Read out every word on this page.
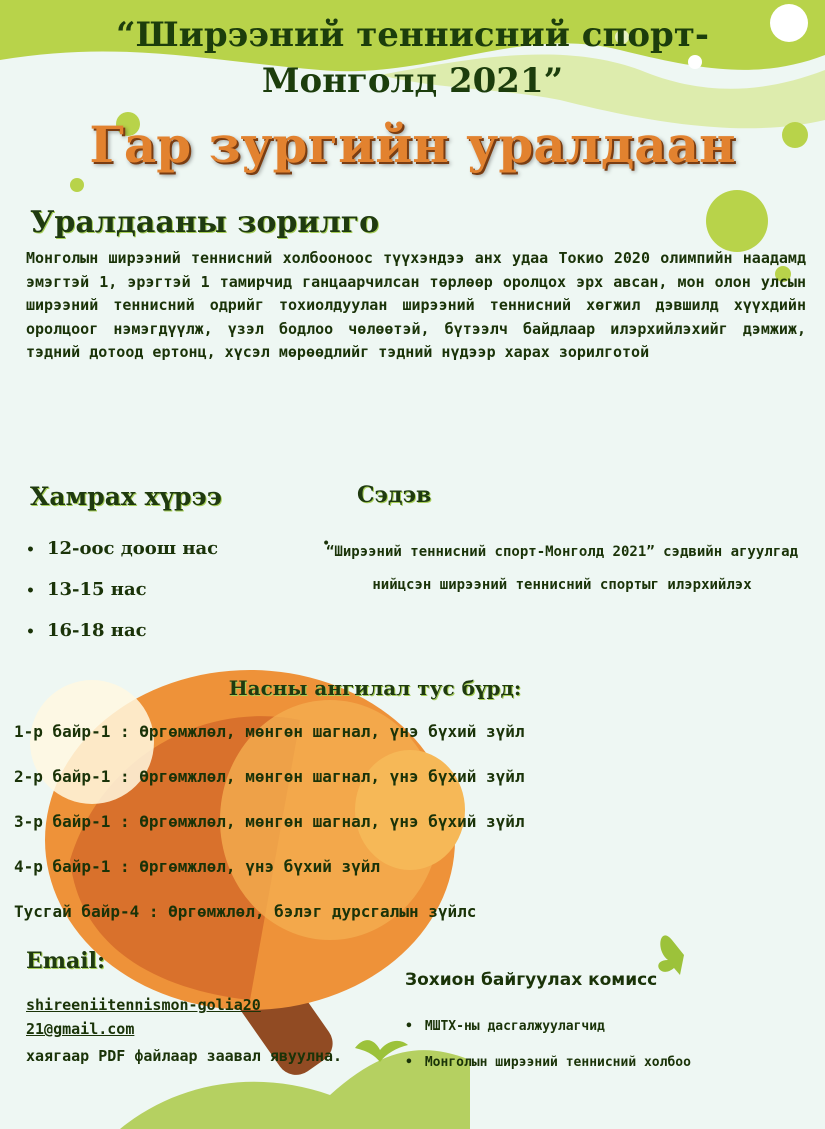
“Ширээний теннисний спорт-Монголд 2021”
Гар зургийн уралдаан
Уралдааны зорилго
Монголын ширээний теннисний холбооноос түүхэндээ анх удаа Токио 2020 олимпийн наадамд эмэгтэй 1, эрэгтэй 1 тамирчид ганцаарчилсан төрлөөр оролцох эрх авсан, мон олон улсын ширээний теннисний одрийг тохиолдуулан ширээний теннисний хөгжил дэвшилд хүүхдийн оролцоог нэмэгдүүлж, үзэл бодлоо чөлөөтэй, бүтээлч байдлаар илэрхийлэхийг дэмжиж, тэдний дотоод ертонц, хүсэл мөрөөдлийг тэдний нүдээр харах зорилготой
Хамрах хүрээ
• 12-оос доош нас
• 13-15 нас
• 16-18 нас
Сэдэв
•
“Ширээний теннисний спорт-Монголд 2021” сэдвийн агуулгад нийцсэн ширээний теннисний спортыг илэрхийлэх
Насны ангилал тус бүрд:
1-р байр-1 : Өргөмжлөл, мөнгөн шагнал, үнэ бүхий зүйл
2-р байр-1 : Өргөмжлөл, мөнгөн шагнал, үнэ бүхий зүйл
3-р байр-1 : Өргөмжлөл, мөнгөн шагнал, үнэ бүхий зүйл
4-р байр-1 : Өргөмжлөл, үнэ бүхий зүйл
Тусгай байр-4 : Өргөмжлөл, бэлэг дурсгалын зүйлс
Email:
shireeniitennismon-golia2021@gmail.com
хаягаар PDF файлаар заавал явуулна.
Зохион байгуулах комисс
• МШТХ-ны дасгалжуулагчид
• Монголын ширээний теннисний холбоо
